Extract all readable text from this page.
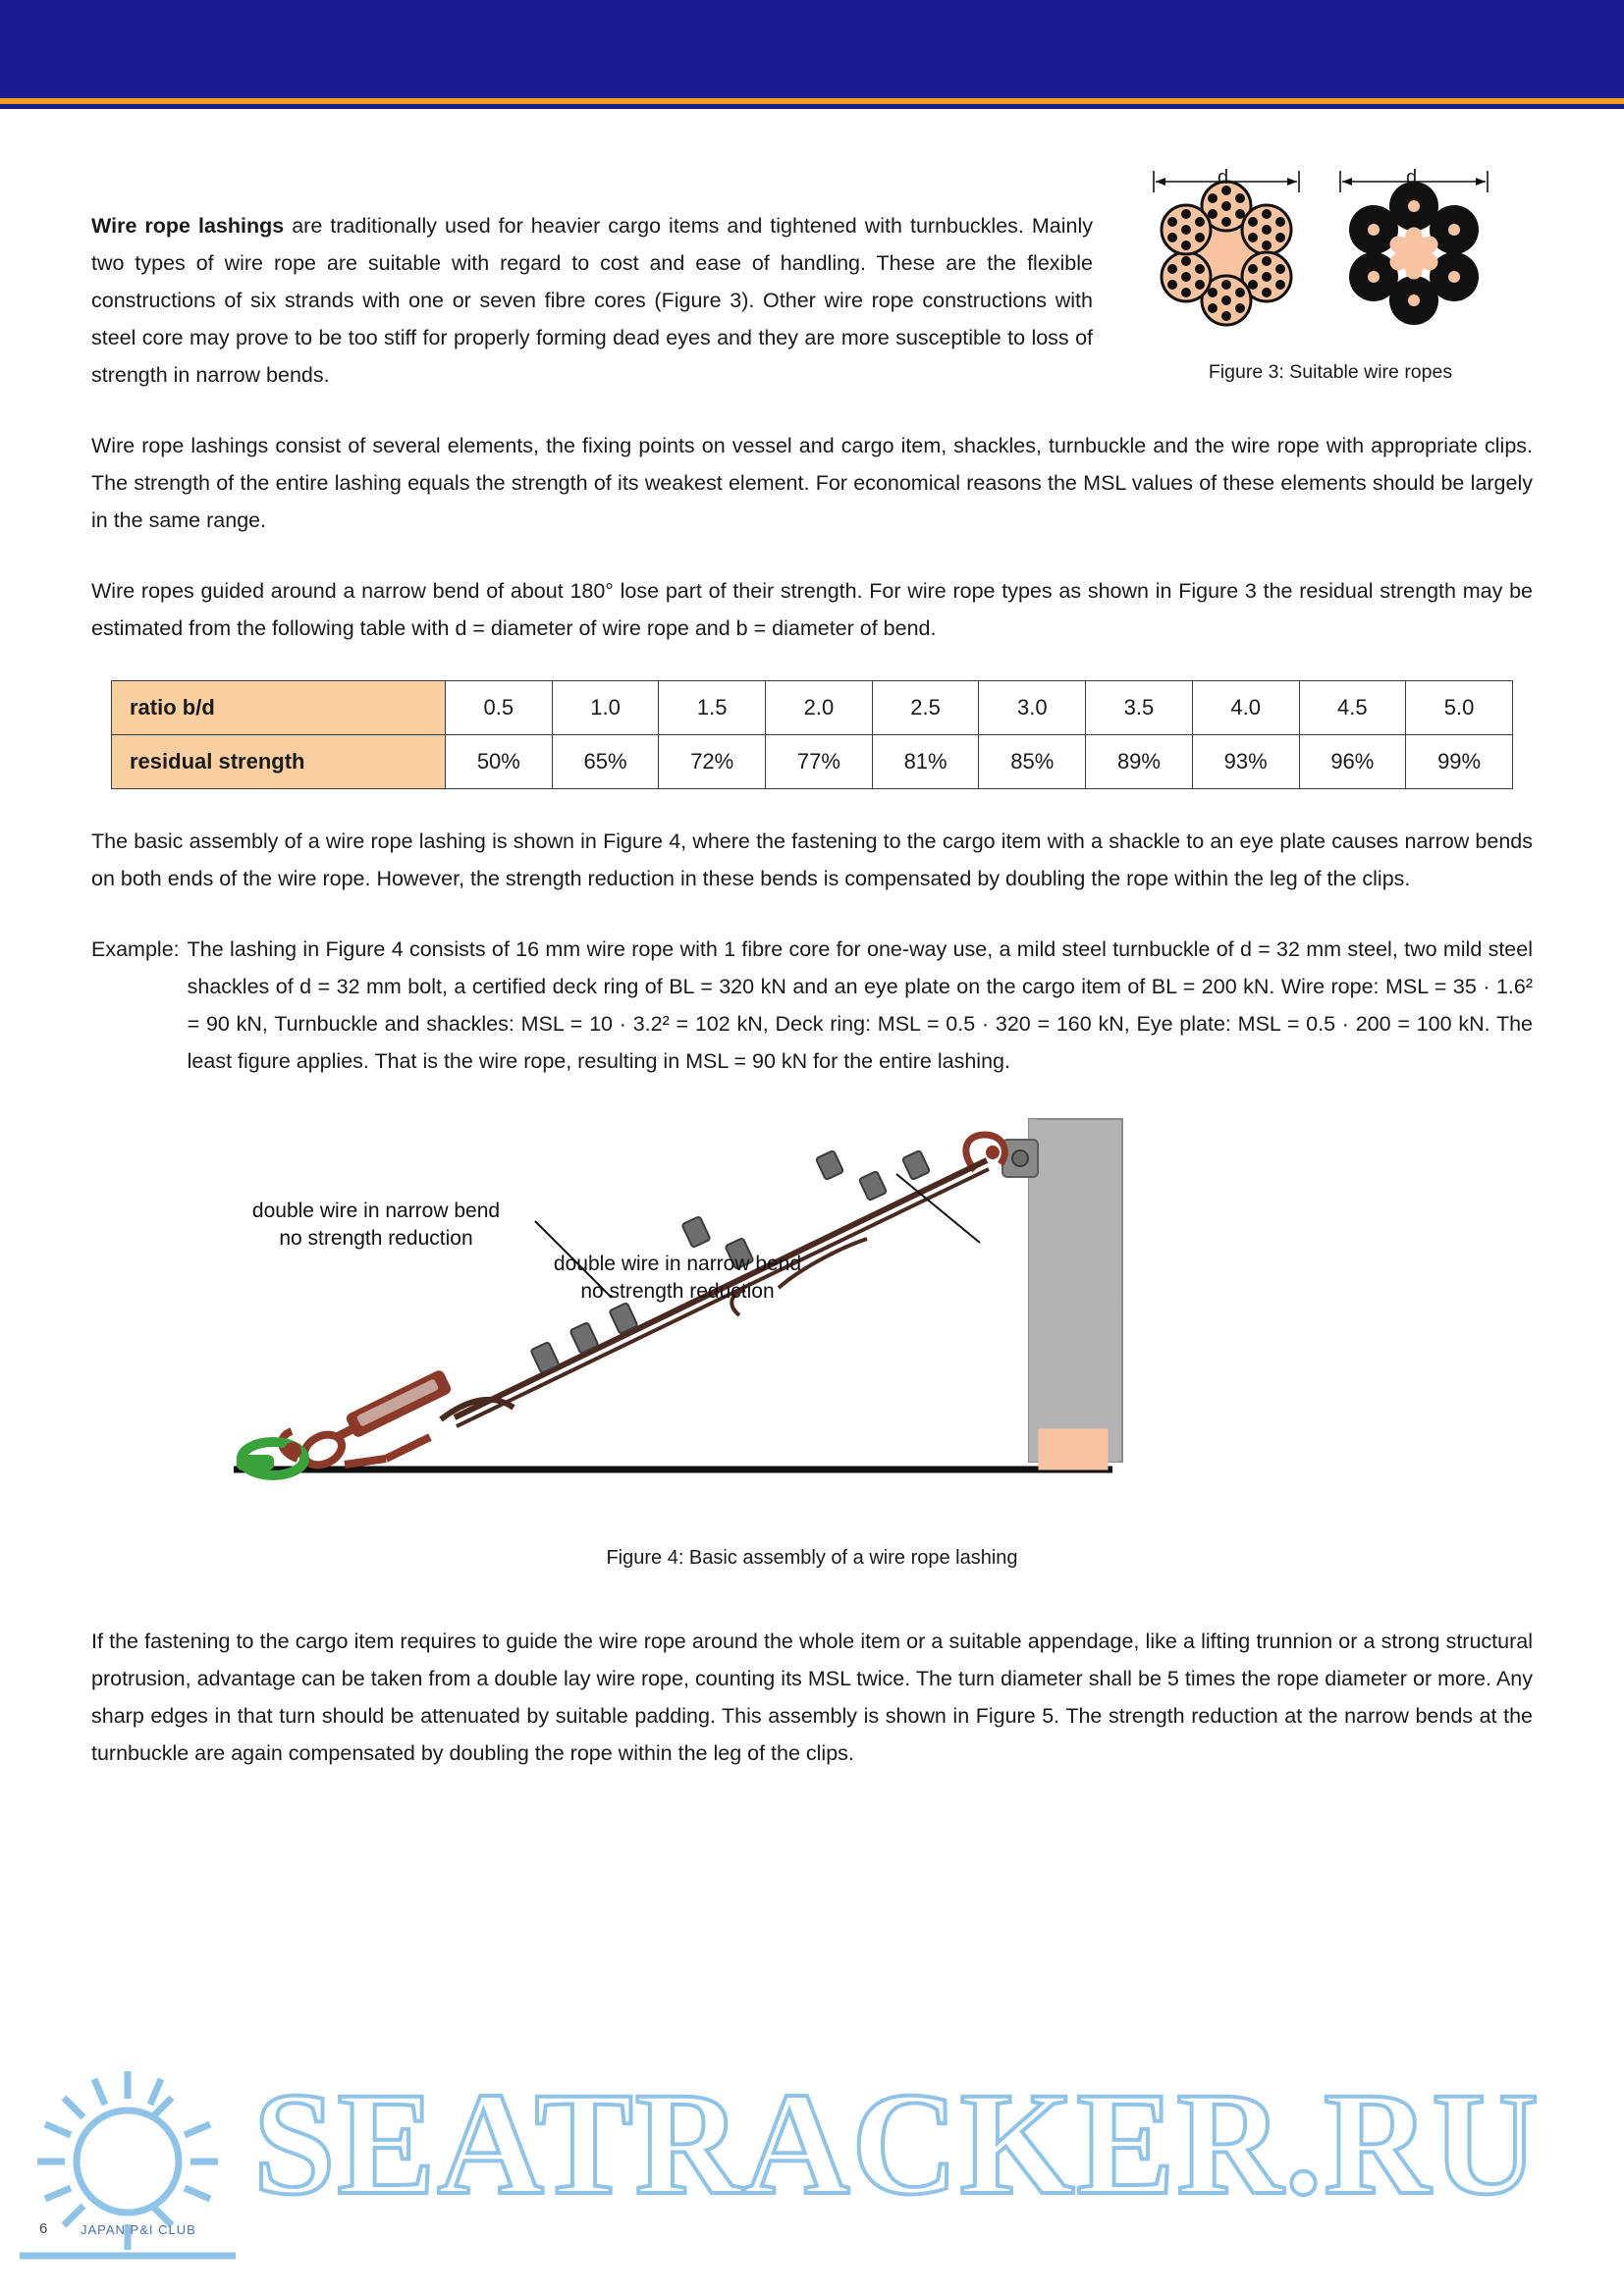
d	d
Figure 3: Suitable wire ropes

Wire rope lashings are traditionally used for heavier cargo items and tightened with turnbuckles. Mainly two types of wire rope are suitable with regard to cost and ease of handling. These are the flexible constructions of six strands with one or seven fibre cores (Figure 3). Other wire rope constructions with steel core may prove to be too stiff for properly forming dead eyes and they are more susceptible to loss of strength in narrow bends.

Wire rope lashings consist of several elements, the fixing points on vessel and cargo item, shackles, turnbuckle and the wire rope with appropriate clips. The strength of the entire lashing equals the strength of its weakest element. For economical reasons the MSL values of these elements should be largely in the same range.

Wire ropes guided around a narrow bend of about 180° lose part of their strength. For wire rope types as shown in Figure 3 the residual strength may be estimated from the following table with d = diameter of wire rope and b = diameter of bend.

ratio b/d	0.5	1.0	1.5	2.0	2.5	3.0	3.5	4.0	4.5	5.0
residual strength	50%	65%	72%	77%	81%	85%	89%	93%	96%	99%

The basic assembly of a wire rope lashing is shown in Figure 4, where the fastening to the cargo item with a shackle to an eye plate causes narrow bends on both ends of the wire rope. However, the strength reduction in these bends is compensated by doubling the rope within the leg of the clips.

Example: The lashing in Figure 4 consists of 16 mm wire rope with 1 fibre core for one-way use, a mild steel turnbuckle of d = 32 mm steel, two mild steel shackles of d = 32 mm bolt, a certified deck ring of BL = 320 kN and an eye plate on the cargo item of BL = 200 kN. Wire rope: MSL = 35 · 1.6² = 90 kN, Turnbuckle and shackles: MSL = 10 · 3.2² = 102 kN, Deck ring: MSL = 0.5 · 320 = 160 kN, Eye plate: MSL = 0.5 · 200 = 100 kN. The least figure applies. That is the wire rope, resulting in MSL = 90 kN for the entire lashing.
double wire in narrow bend
no strength reduction
double wire in narrow bend
no strength reduction
Figure 4: Basic assembly of a wire rope lashing

If the fastening to the cargo item requires to guide the wire rope around the whole item or a suitable appendage, like a lifting trunnion or a strong structural protrusion, advantage can be taken from a double lay wire rope, counting its MSL twice. The turn diameter shall be 5 times the rope diameter or more. Any sharp edges in that turn should be attenuated by suitable padding. This assembly is shown in Figure 5. The strength reduction at the narrow bends at the turnbuckle are again compensated by doubling the rope within the leg of the clips.

SEATRACKER.RU
6	JAPAN P&I CLUB
